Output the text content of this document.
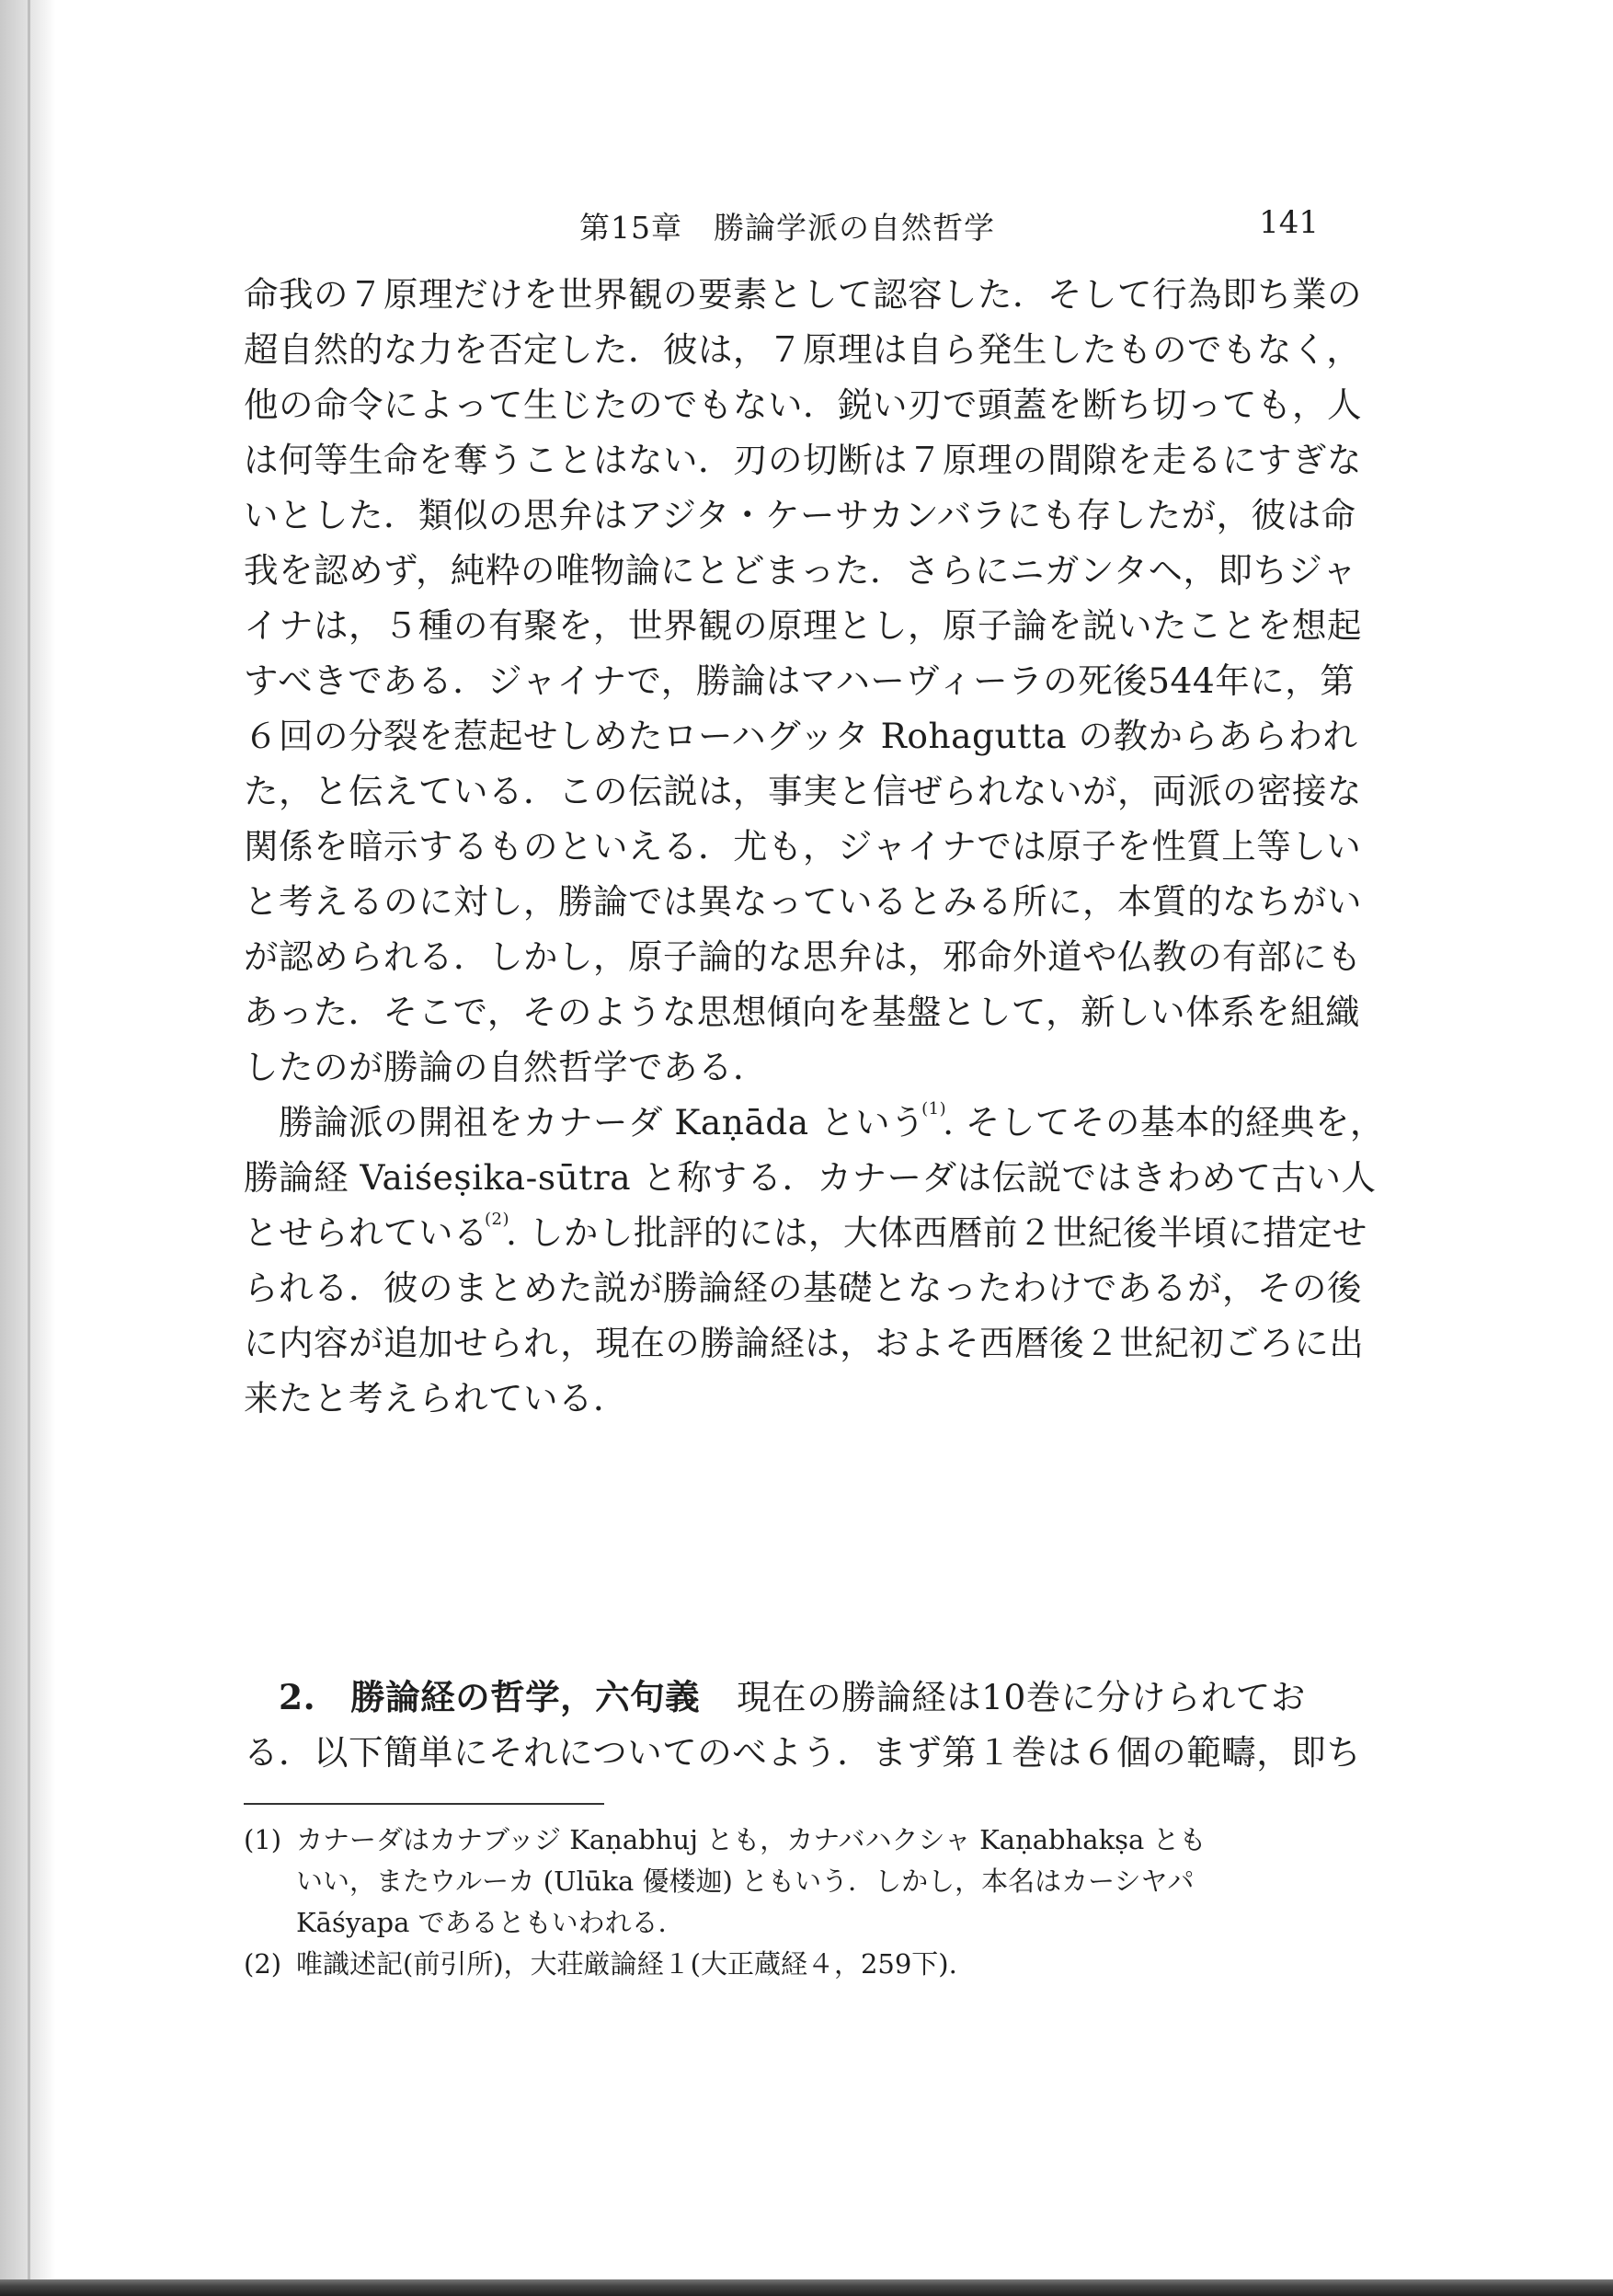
第15章　勝論学派の自然哲学	141
命我の７原理だけを世界観の要素として認容した．そして行為即ち業の
超自然的な力を否定した．彼は，７原理は自ら発生したものでもなく，
他の命令によって生じたのでもない．鋭い刃で頭蓋を断ち切っても，人
は何等生命を奪うことはない．刃の切断は７原理の間隙を走るにすぎな
いとした．類似の思弁はアジタ・ケーサカンバラにも存したが，彼は命
我を認めず，純粋の唯物論にとどまった．さらにニガンタヘ，即ちジャ
イナは，５種の有聚を，世界観の原理とし，原子論を説いたことを想起
すべきである．ジャイナで，勝論はマハーヴィーラの死後544年に，第
６回の分裂を惹起せしめたローハグッタ Rohagutta の教からあらわれ
た，と伝えている．この伝説は，事実と信ぜられないが，両派の密接な
関係を暗示するものといえる．尤も，ジャイナでは原子を性質上等しい
と考えるのに対し，勝論では異なっているとみる所に，本質的なちがい
が認められる．しかし，原子論的な思弁は，邪命外道や仏教の有部にも
あった．そこで，そのような思想傾向を基盤として，新しい体系を組織
したのが勝論の自然哲学である．
勝論派の開祖をカナーダ Kaṇāda という$^{(1)}$. そしてその基本的経典を，
勝論経 Vaiśeṣika-sūtra と称する．カナーダは伝説ではきわめて古い人
とせられている$^{(2)}$. しかし批評的には，大体西暦前２世紀後半頃に措定せ
られる．彼のまとめた説が勝論経の基礎となったわけであるが，その後
に内容が追加せられ，現在の勝論経は，およそ西暦後２世紀初ごろに出
来たと考えられている．
2.　勝論経の哲学，六句義 現在の勝論経は10巻に分けられてお
る．以下簡単にそれについてのべよう．まず第１巻は６個の範疇，即ち
(1) カナーダはカナブッジ Kaṇabhuj とも，カナバハクシャ Kaṇabhakṣa とも
いい，またウルーカ (Ulūka 優楼迦) ともいう．しかし，本名はカーシヤパ
Kāśyapa であるともいわれる．
(2) 唯識述記(前引所)，大荘厳論経１(大正蔵経４，259下).
